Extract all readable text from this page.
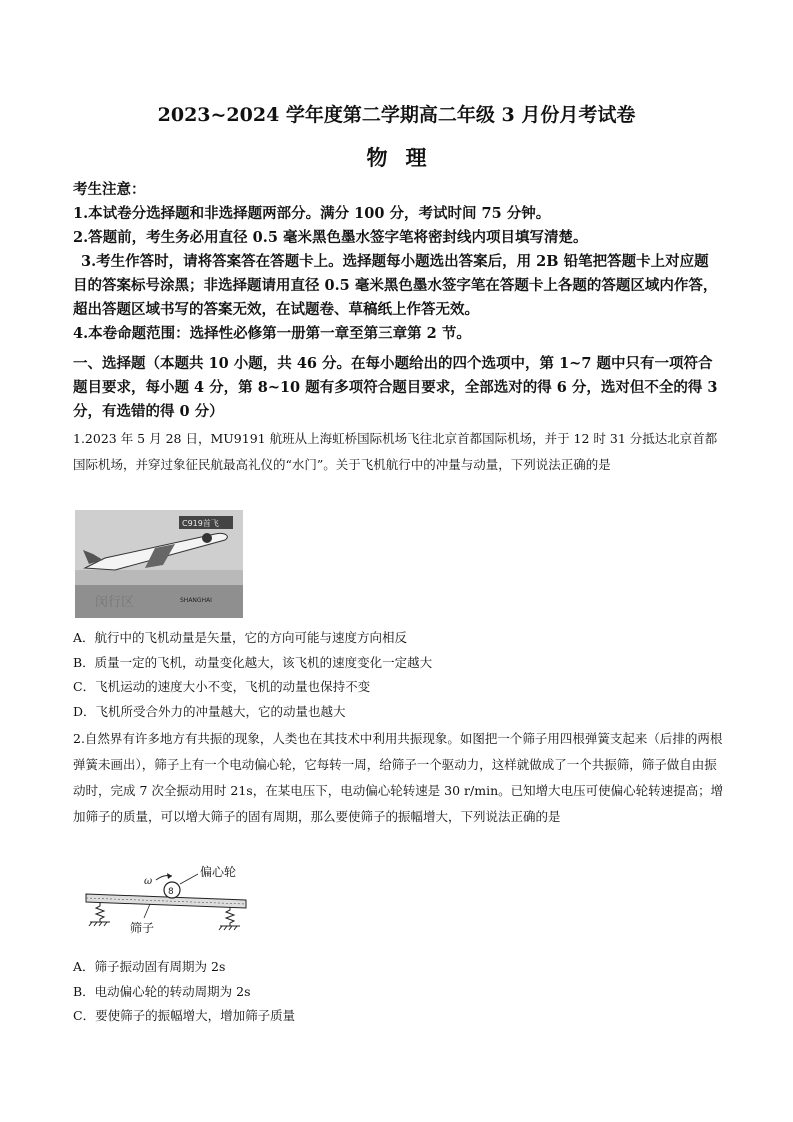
2023~2024 学年度第二学期高二年级 3 月份月考试卷
物理

考生注意：

1.本试卷分选择题和非选择题两部分。满分 100 分，考试时间 75 分钟。

2.答题前，考生务必用直径 0.5 毫米黑色墨水签字笔将密封线内项目填写清楚。

3.考生作答时，请将答案答在答题卡上。选择题每小题选出答案后，用 2B 铅笔把答题卡上对应题目的答案标号涂黑；非选择题请用直径 0.5 毫米黑色墨水签字笔在答题卡上各题的答题区域内作答，超出答题区域书写的答案无效，在试题卷、草稿纸上作答无效。

4.本卷命题范围：选择性必修第一册第一章至第三章第 2 节。

一、选择题（本题共 10 小题，共 46 分。在每小题给出的四个选项中，第 1~7 题中只有一项符合题目要求，每小题 4 分，第 8~10 题有多项符合题目要求，全部选对的得 6 分，选对但不全的得 3 分，有选错的得 0 分）
1.2023 年 5 月 28 日，MU9191 航班从上海虹桥国际机场飞往北京首都国际机场，并于 12 时 31 分抵达北京首都国际机场，并穿过象征民航最高礼仪的“水门”。关于飞机航行中的冲量与动量，下列说法正确的是
C919首飞
闵行区	SHANGHAI
A．航行中的飞机动量是矢量，它的方向可能与速度方向相反
B．质量一定的飞机，动量变化越大，该飞机的速度变化一定越大
C．飞机运动的速度大小不变，飞机的动量也保持不变
D．飞机所受合外力的冲量越大，它的动量也越大
2.自然界有许多地方有共振的现象，人类也在其技术中利用共振现象。如图把一个筛子用四根弹簧支起来（后排的两根弹簧未画出），筛子上有一个电动偏心轮，它每转一周，给筛子一个驱动力，这样就做成了一个共振筛，筛子做自由振动时，完成 7 次全振动用时 21s，在某电压下，电动偏心轮转速是 30 r/min。已知增大电压可使偏心轮转速提高；增加筛子的质量，可以增大筛子的固有周期，那么要使筛子的振幅增大，下列说法正确的是
8
ω
偏心轮
筛子
A．筛子振动固有周期为 2s
B．电动偏心轮的转动周期为 2s
C．要使筛子的振幅增大，增加筛子质量
